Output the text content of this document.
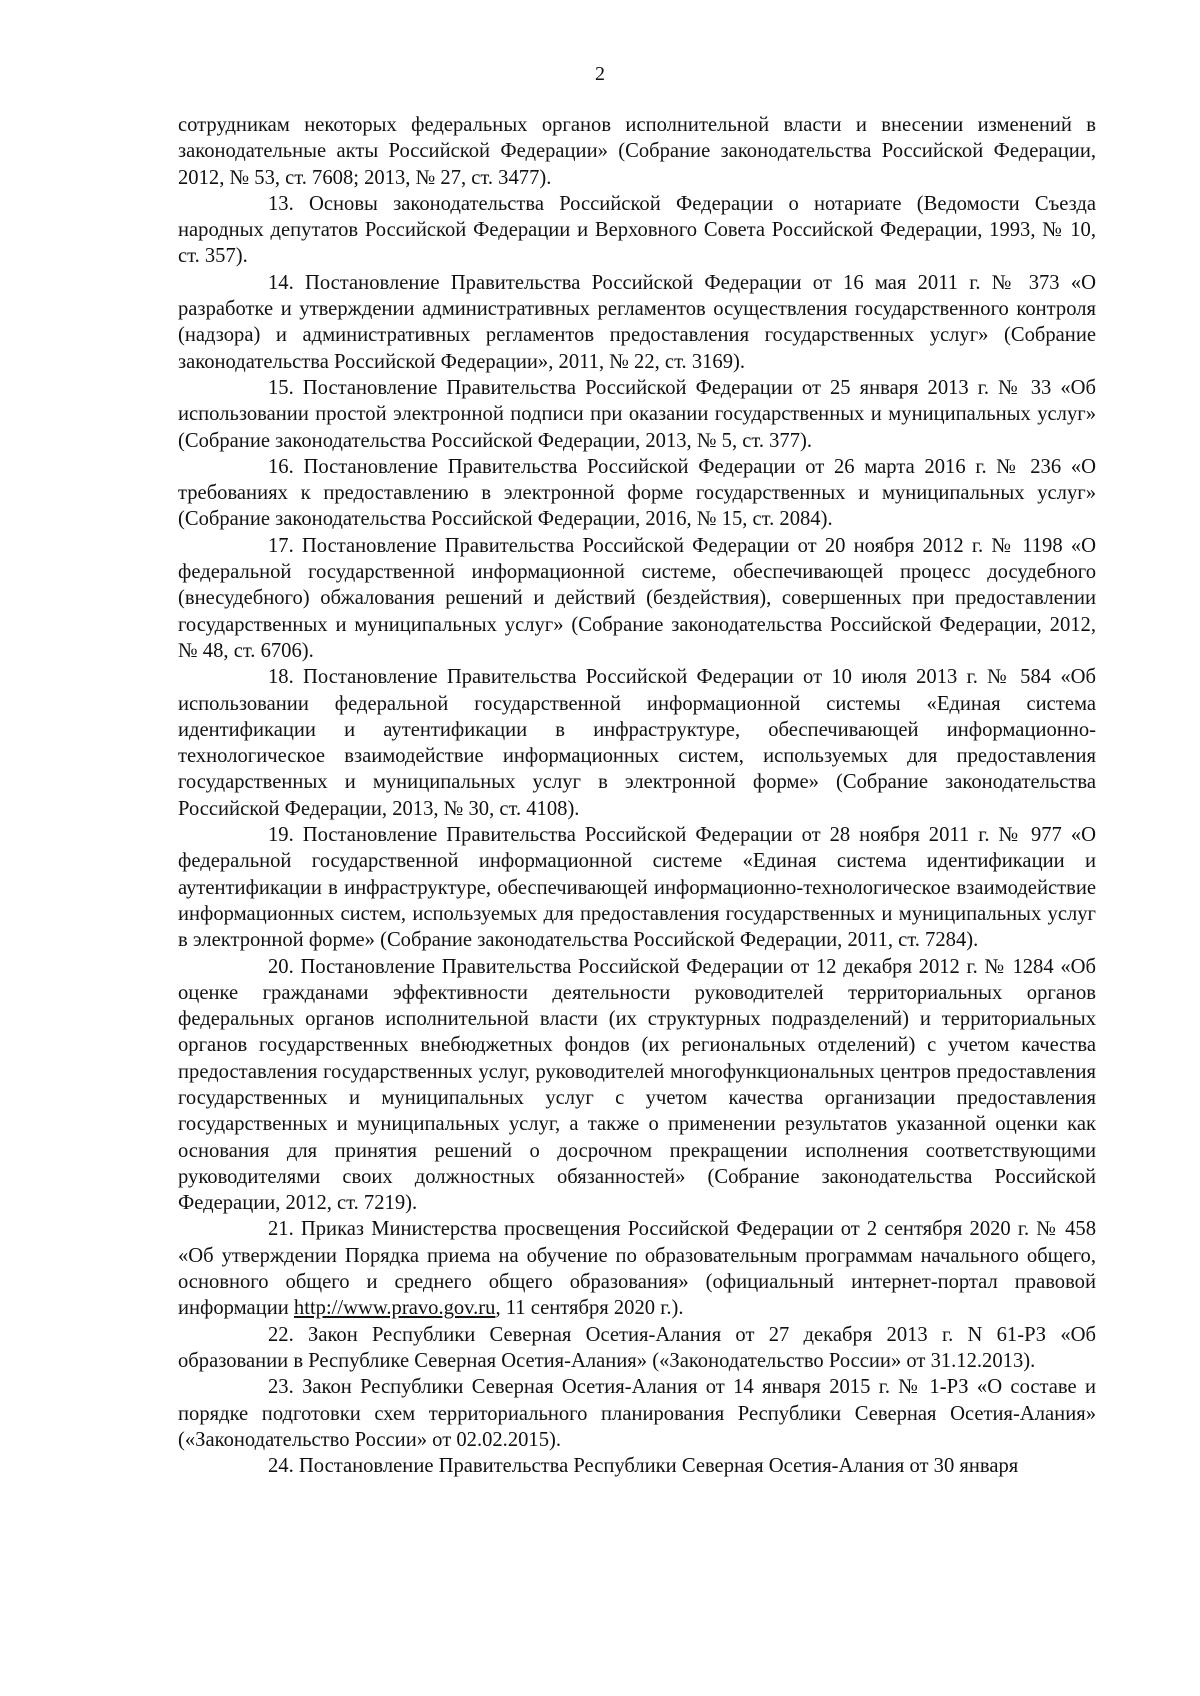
2

сотрудникам некоторых федеральных органов исполнительной власти и внесении изменений в законодательные акты Российской Федерации» (Собрание законодательства Российской Федерации, 2012, № 53, ст. 7608; 2013, № 27, ст. 3477).

13. Основы законодательства Российской Федерации о нотариате (Ведомости Съезда народных депутатов Российской Федерации и Верховного Совета Российской Федерации, 1993, № 10, ст. 357).

14. Постановление Правительства Российской Федерации от 16 мая 2011 г. № 373 «О разработке и утверждении административных регламентов осуществления государственного контроля (надзора) и административных регламентов предоставления государственных услуг» (Собрание законодательства Российской Федерации», 2011, № 22, ст. 3169).

15. Постановление Правительства Российской Федерации от 25 января 2013 г. № 33 «Об использовании простой электронной подписи при оказании государственных и муниципальных услуг» (Собрание законодательства Российской Федерации, 2013, № 5, ст. 377).

16. Постановление Правительства Российской Федерации от 26 марта 2016 г. № 236 «О требованиях к предоставлению в электронной форме государственных и муниципальных услуг» (Собрание законодательства Российской Федерации, 2016, № 15, ст. 2084).

17. Постановление Правительства Российской Федерации от 20 ноября 2012 г. № 1198 «О федеральной государственной информационной системе, обеспечивающей процесс досудебного (внесудебного) обжалования решений и действий (бездействия), совершенных при предоставлении государственных и муниципальных услуг» (Собрание законодательства Российской Федерации, 2012, № 48, ст. 6706).

18. Постановление Правительства Российской Федерации от 10 июля 2013 г. № 584 «Об использовании федеральной государственной информационной системы «Единая система идентификации и аутентификации в инфраструктуре, обеспечивающей информационно-технологическое взаимодействие информационных систем, используемых для предоставления государственных и муниципальных услуг в электронной форме» (Собрание законодательства Российской Федерации, 2013, № 30, ст. 4108).

19. Постановление Правительства Российской Федерации от 28 ноября 2011 г. № 977 «О федеральной государственной информационной системе «Единая система идентификации и аутентификации в инфраструктуре, обеспечивающей информационно-технологическое взаимодействие информационных систем, используемых для предоставления государственных и муниципальных услуг в электронной форме» (Собрание законодательства Российской Федерации, 2011, ст. 7284).

20. Постановление Правительства Российской Федерации от 12 декабря 2012 г. № 1284 «Об оценке гражданами эффективности деятельности руководителей территориальных органов федеральных органов исполнительной власти (их структурных подразделений) и территориальных органов государственных внебюджетных фондов (их региональных отделений) с учетом качества предоставления государственных услуг, руководителей многофункциональных центров предоставления государственных и муниципальных услуг с учетом качества организации предоставления государственных и муниципальных услуг, а также о применении результатов указанной оценки как основания для принятия решений о досрочном прекращении исполнения соответствующими руководителями своих должностных обязанностей» (Собрание законодательства Российской Федерации, 2012, ст. 7219).

21. Приказ Министерства просвещения Российской Федерации от 2 сентября 2020 г. № 458 «Об утверждении Порядка приема на обучение по образовательным программам начального общего, основного общего и среднего общего образования» (официальный интернет-портал правовой информации http://www.pravo.gov.ru, 11 сентября 2020 г.).

22. Закон Республики Северная Осетия-Алания от 27 декабря 2013 г. N 61-РЗ «Об образовании в Республике Северная Осетия-Алания» («Законодательство России» от 31.12.2013).

23. Закон Республики Северная Осетия-Алания от 14 января 2015 г. № 1-РЗ «О составе и порядке подготовки схем территориального планирования Республики Северная Осетия-Алания» («Законодательство России» от 02.02.2015).

24. Постановление Правительства Республики Северная Осетия-Алания от 30 января
